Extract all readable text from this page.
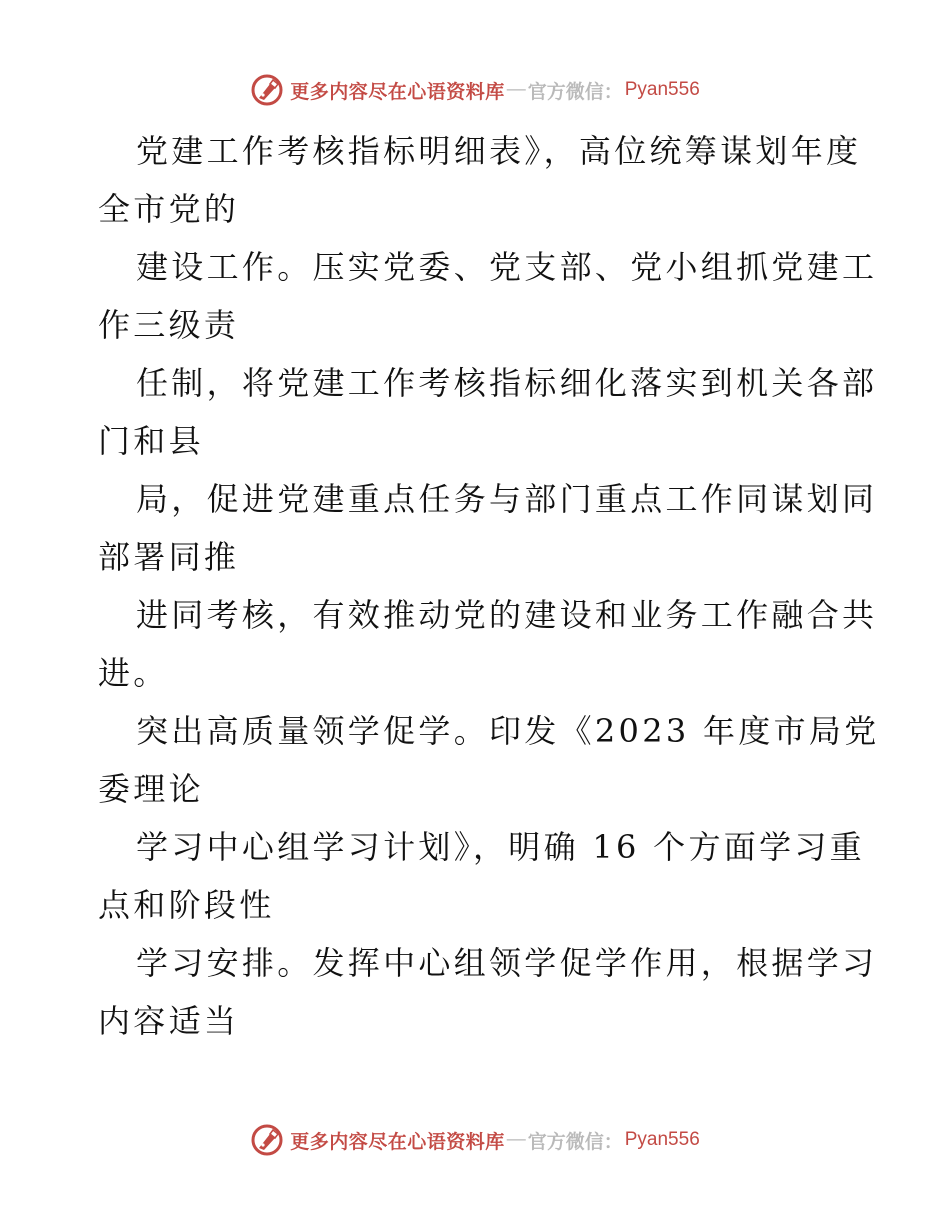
更多内容尽在心语资料库 — 官方微信： Pyan556
党建工作考核指标明细表》，高位统筹谋划年度
全市党的
建设工作。压实党委、党支部、党小组抓党建工
作三级责
任制，将党建工作考核指标细化落实到机关各部
门和县
局，促进党建重点任务与部门重点工作同谋划同
部署同推
进同考核，有效推动党的建设和业务工作融合共
进。
突出高质量领学促学。印发《2023 年度市局党
委理论
学习中心组学习计划》，明确 16 个方面学习重
点和阶段性
学习安排。发挥中心组领学促学作用，根据学习
内容适当
更多内容尽在心语资料库 — 官方微信： Pyan556
